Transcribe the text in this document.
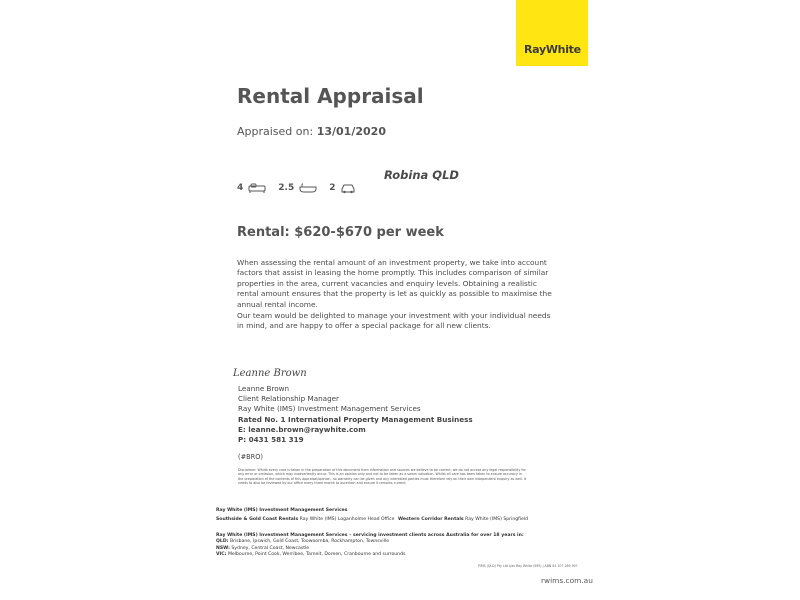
RayWhite
Rental Appraisal
Appraised on: 13/01/2020
Robina QLD
4	2.5	2
Rental: $620-$670 per week

When assessing the rental amount of an investment property, we take into account factors that assist in leasing the home promptly. This includes comparison of similar properties in the area, current vacancies and enquiry levels. Obtaining a realistic rental amount ensures that the property is let as quickly as possible to maximise the annual rental income.

Our team would be delighted to manage your investment with your individual needs in mind, and are happy to offer a special package for all new clients.

Leanne Brown
Leanne Brown
Client Relationship Manager
Ray White (IMS) Investment Management Services
Rated No. 1 International Property Management Business
E: leanne.brown@raywhite.com
P: 0431 581 319
(#BRO)
Disclaimer: Whilst every care is taken in the preparation of this document from information and sources we believe to be correct, we do not accept any legal responsibility for any error or omission, which may inadvertently occur. This is an opinion only and not to be taken as a sworn valuation. Whilst all care has been taken to ensure accuracy in the preparation of the contents of this appraisal/opinion, no warranty can be given and any interested parties must therefore rely on their own independent enquiry as well. It needs to also be reviewed by our office every three month to ascertain and ensure it remains current.
Ray White (IMS) Investment Management Services
Southside & Gold Coast Rentals Ray White (IMS) Loganholme Head Office Western Corridor Rentals Ray White (IMS) Springfield
Ray White (IMS) Investment Management Services – servicing investment clients across Australia for over 18 years in:
QLD: Brisbane, Ipswich, Gold Coast, Toowoomba, Rockhampton, Townsville
NSW: Sydney, Central Coast, Newcastle
VIC: Melbourne, Point Cook, Werribee, Tarneit, Doreen, Cranbourne and surrounds
PIMS (QLD) Pty Ltd t/as Ray White (IMS) | ABN 61 107 289 907
rwims.com.au
